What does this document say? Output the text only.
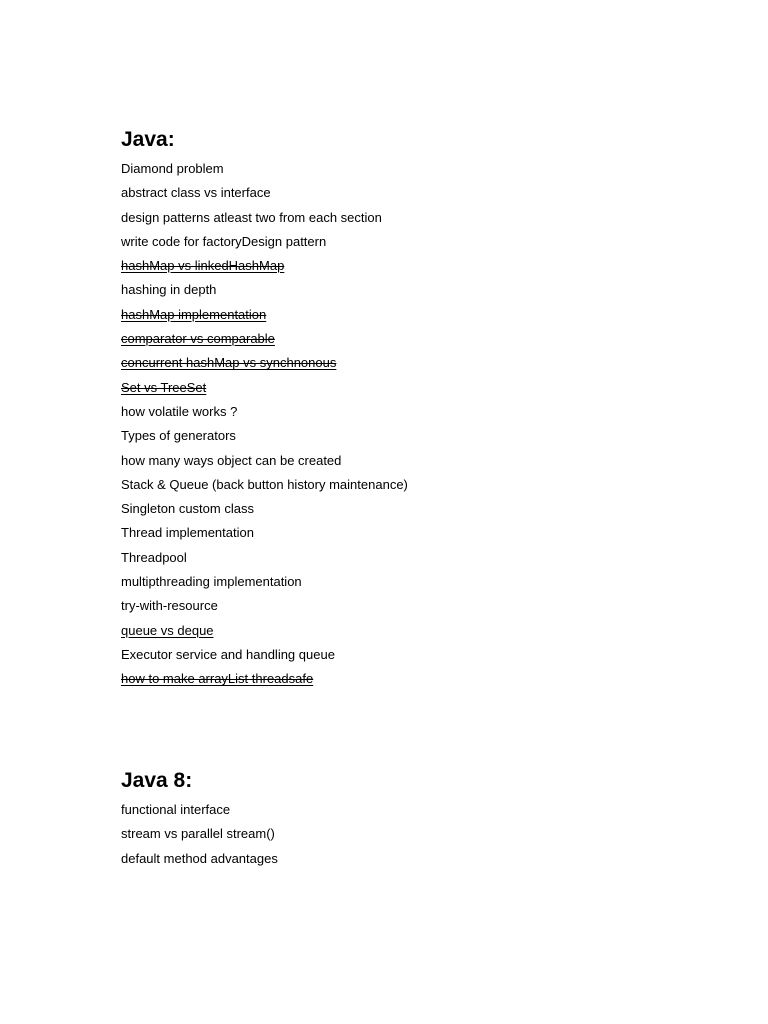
Java:
Diamond problem
abstract class vs interface
design patterns atleast two from each section
write code for factoryDesign pattern
hashMap vs linkedHashMap
hashing in depth
hashMap implementation
comparator vs comparable
concurrent hashMap vs synchnonous
Set vs TreeSet
how volatile works ?
Types of generators
how many ways object can be created
Stack & Queue (back button history maintenance)
Singleton custom class
Thread implementation
Threadpool
multipthreading implementation
try-with-resource
queue vs deque
Executor service and handling queue
how to make arrayList threadsafe
Java 8:
functional interface
stream vs parallel stream()
default method advantages
